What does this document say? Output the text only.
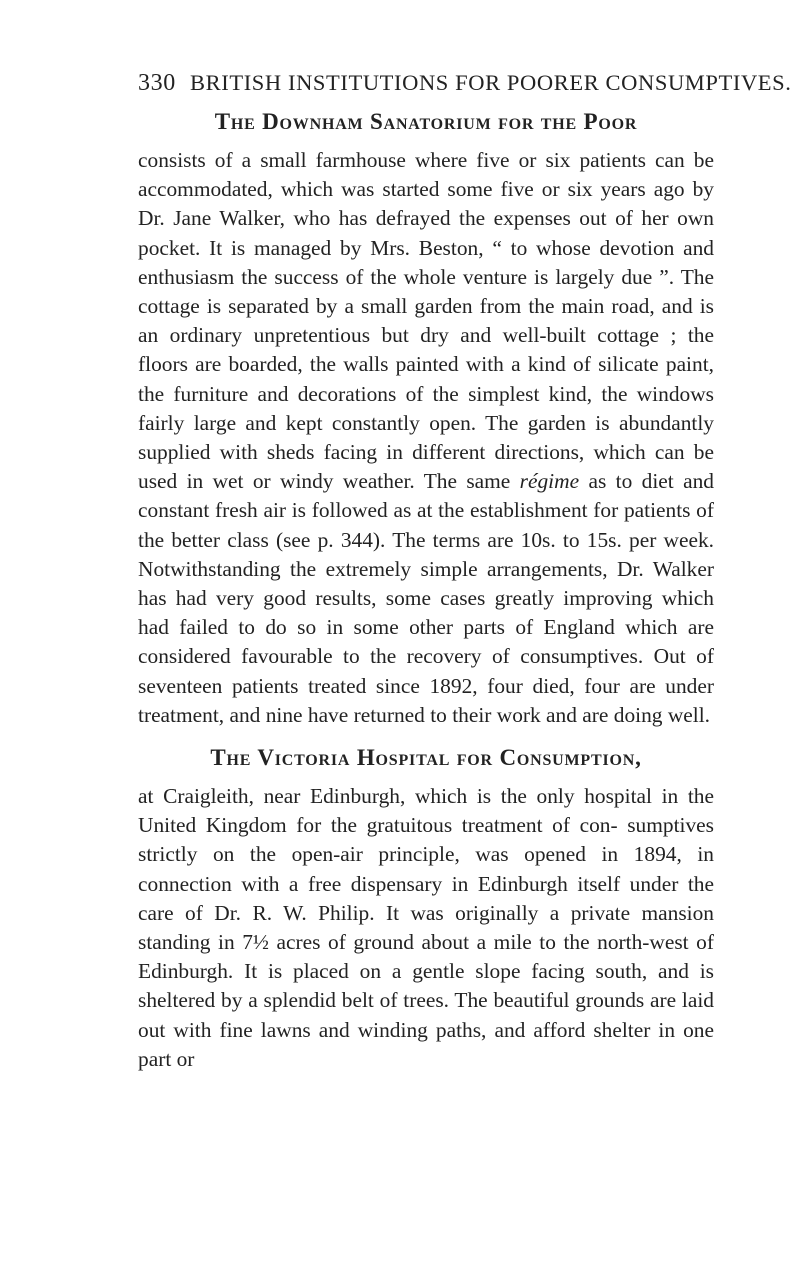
330 BRITISH INSTITUTIONS FOR POORER CONSUMPTIVES.
The Downham Sanatorium for the Poor

consists of a small farmhouse where five or six patients can be accommodated, which was started some five or six years ago by Dr. Jane Walker, who has defrayed the expenses out of her own pocket. It is managed by Mrs. Beston, “ to whose devotion and enthusiasm the success of the whole venture is largely due ”. The cottage is separated by a small garden from the main road, and is an ordinary unpretentious but dry and well-built cottage ; the floors are boarded, the walls painted with a kind of silicate paint, the furniture and decorations of the simplest kind, the windows fairly large and kept constantly open. The garden is abundantly supplied with sheds facing in different directions, which can be used in wet or windy weather. The same régime as to diet and constant fresh air is followed as at the establishment for patients of the better class (see p. 344). The terms are 10s. to 15s. per week. Notwithstanding the extremely simple arrangements, Dr. Walker has had very good results, some cases greatly improving which had failed to do so in some other parts of England which are considered favourable to the recovery of consumptives. Out of seventeen patients treated since 1892, four died, four are under treatment, and nine have returned to their work and are doing well.

The Victoria Hospital for Consumption,

at Craigleith, near Edinburgh, which is the only hospital in the United Kingdom for the gratuitous treatment of con- sumptives strictly on the open-air principle, was opened in 1894, in connection with a free dispensary in Edinburgh itself under the care of Dr. R. W. Philip. It was originally a private mansion standing in 7½ acres of ground about a mile to the north-west of Edinburgh. It is placed on a gentle slope facing south, and is sheltered by a splendid belt of trees. The beautiful grounds are laid out with fine lawns and winding paths, and afford shelter in one part or
